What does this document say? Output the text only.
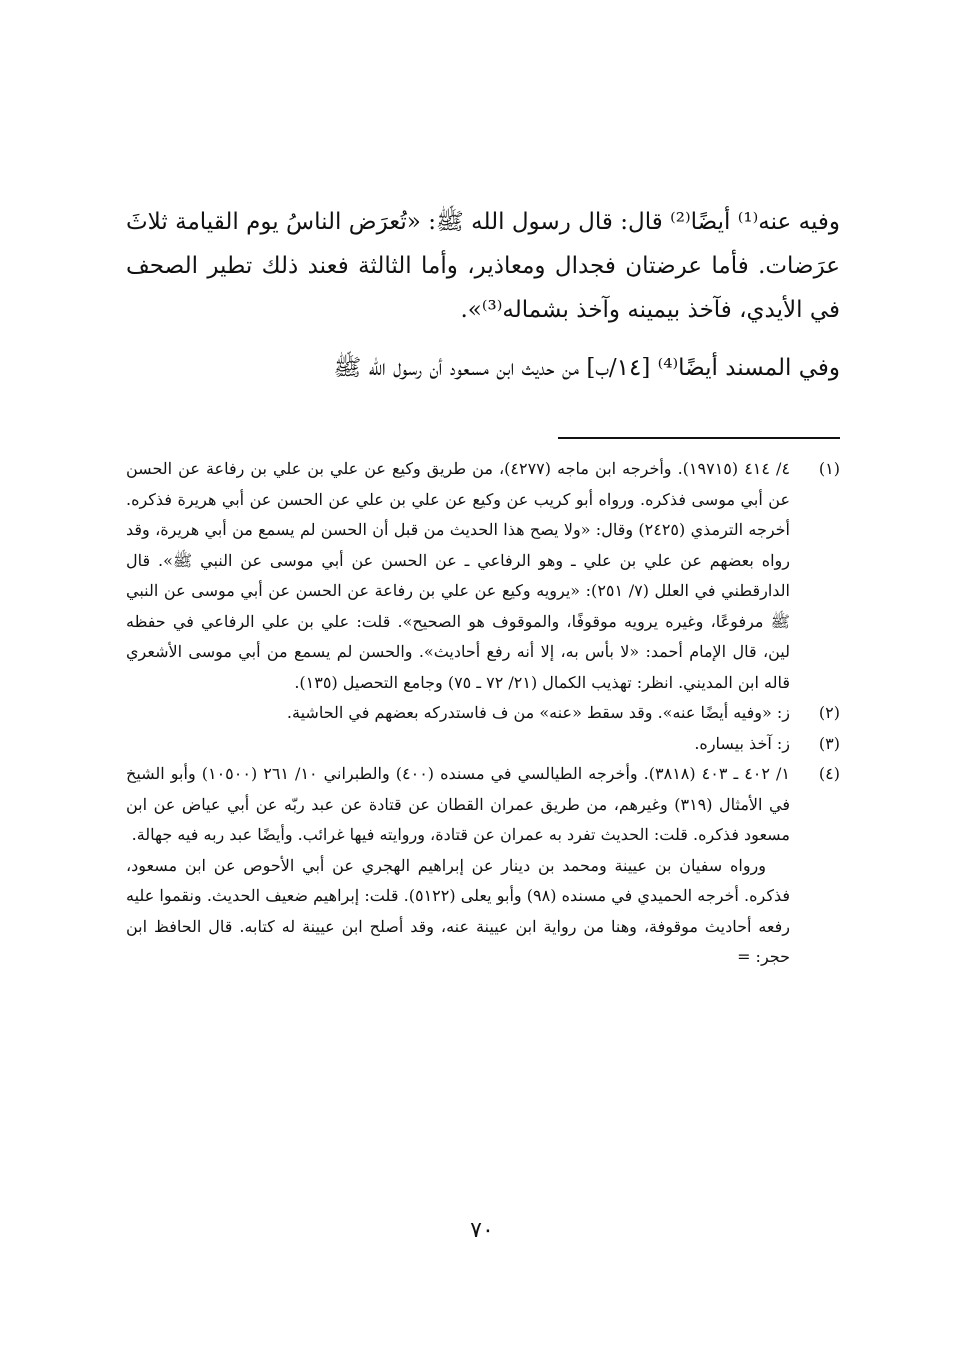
وفيه عنه⁽¹⁾ أيضًا⁽²⁾ قال: قال رسول الله ﷺ: «تُعرَض الناسُ يوم القيامة ثلاثَ عرَضات. فأما عرضتان فجدال ومعاذير، وأما الثالثة فعند ذلك تطير الصحف في الأيدي، فآخذ بيمينه وآخذ بشماله⁽³⁾».

وفي المسند أيضًا⁽⁴⁾ [١٤/ب] من حديث ابن مسعود أن رسول الله ﷺ

(١)

٤/ ٤١٤ (١٩٧١٥). وأخرجه ابن ماجه (٤٢٧٧)، من طريق وكيع عن علي بن علي بن رفاعة عن الحسن عن أبي موسى فذكره. ورواه أبو كريب عن وكيع عن علي بن علي عن الحسن عن أبي هريرة فذكره. أخرجه الترمذي (٢٤٢٥) وقال: «ولا يصح هذا الحديث من قبل أن الحسن لم يسمع من أبي هريرة، وقد رواه بعضهم عن علي بن علي ـ وهو الرفاعي ـ عن الحسن عن أبي موسى عن النبي ﷺ». قال الدارقطني في العلل (٧/ ٢٥١): «يرويه وكيع عن علي بن رفاعة عن الحسن عن أبي موسى عن النبي ﷺ مرفوعًا، وغيره يرويه موقوفًا، والموقوف هو الصحيح». قلت: علي بن علي الرفاعي في حفظه لين، قال الإمام أحمد: «لا بأس به، إلا أنه رفع أحاديث». والحسن لم يسمع من أبي موسى الأشعري قاله ابن المديني. انظر: تهذيب الكمال (٢١/ ٧٢ ـ ٧٥) وجامع التحصيل (١٣٥).

(٢)

ز: «وفيه أيضًا عنه». وقد سقط «عنه» من ف فاستدركه بعضهم في الحاشية.

(٣)

ز: آخذ بيساره.

(٤)

١/ ٤٠٢ ـ ٤٠٣ (٣٨١٨). وأخرجه الطيالسي في مسنده (٤٠٠) والطبراني ١٠/ ٢٦١ (١٠٥٠٠) وأبو الشيخ في الأمثال (٣١٩) وغيرهم، من طريق عمران القطان عن قتادة عن عبد ربّه عن أبي عياض عن ابن مسعود فذكره. قلت: الحديث تفرد به عمران عن قتادة، وروايته فيها غرائب. وأيضًا عبد ربه فيه جهالة.

ورواه سفيان بن عيينة ومحمد بن دينار عن إبراهيم الهجري عن أبي الأحوص عن ابن مسعود، فذكره. أخرجه الحميدي في مسنده (٩٨) وأبو يعلى (٥١٢٢). قلت: إبراهيم ضعيف الحديث. ونقموا عليه رفعه أحاديث موقوفة، وهنا من رواية ابن عيينة عنه، وقد أصلح ابن عيينة له كتابه. قال الحافظ ابن حجر: =

٧٠
